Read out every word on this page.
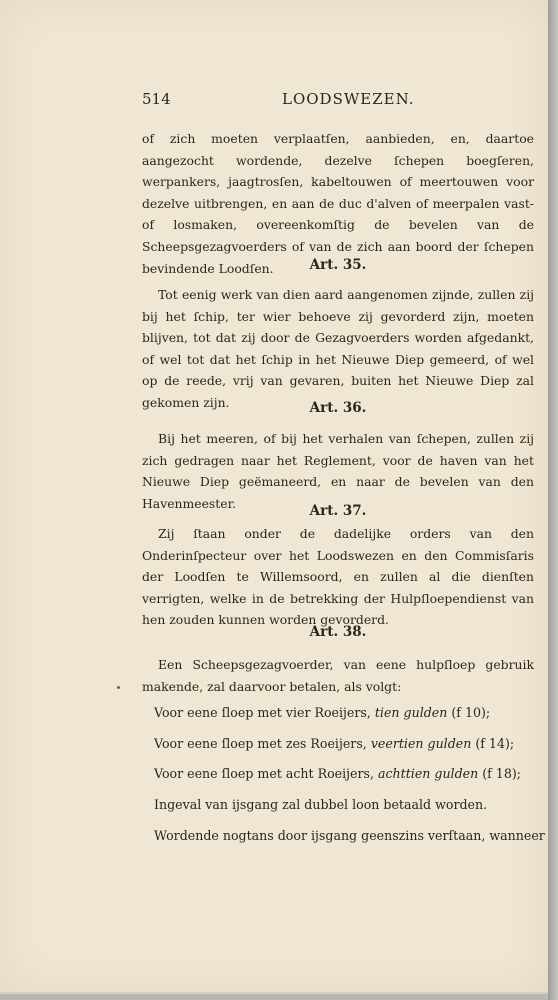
514	LOODSWEZEN.
of zich moeten verplaatſen, aanbieden, en, daartoe aangezocht wordende, dezelve ſchepen boegſeren, werpankers, jaagtrosſen, kabeltouwen of meertouwen voor dezelve uitbrengen, en aan de duc d'alven of meerpalen vast- of losmaken, overeenkomſtig de bevelen van de Scheepsgezagvoerders of van de zich aan boord der ſchepen bevindende Loodſen.	Art. 35.
Tot eenig werk van dien aard aangenomen zijnde, zullen zij bij het ſchip, ter wier behoeve zij gevorderd zijn, moeten blijven, tot dat zij door de Gezagvoerders worden afgedankt, of wel tot dat het ſchip in het Nieuwe Diep gemeerd, of wel op de reede, vrij van gevaren, buiten het Nieuwe Diep zal gekomen zijn.	Art. 36.
Bij het meeren, of bij het verhalen van ſchepen, zullen zij zich gedragen naar het Reglement, voor de haven van het Nieuwe Diep geëmaneerd, en naar de bevelen van den Havenmeester.	Art. 37.
Zij ſtaan onder de dadelijke orders van den Onderinſpecteur over het Loodswezen en den Commisſaris der Loodſen te Willemsoord, en zullen al die dienſten verrigten, welke in de betrekking der Hulpſloependienst van hen zouden kunnen worden gevorderd.
Art. 38.
Een Scheepsgezagvoerder, van eene hulpſloep gebruik makende, zal daarvoor betalen, als volgt:
Voor eene ſloep met vier Roeijers, tien gulden (f 10);
Voor eene ſloep met zes Roeijers, veertien gulden (f 14);
Voor eene ſloep met acht Roeijers, achttien gulden (f 18);
Ingeval van ijsgang zal dubbel loon betaald worden.
Wordende nogtans door ijsgang geenszins verſtaan, wanneer
